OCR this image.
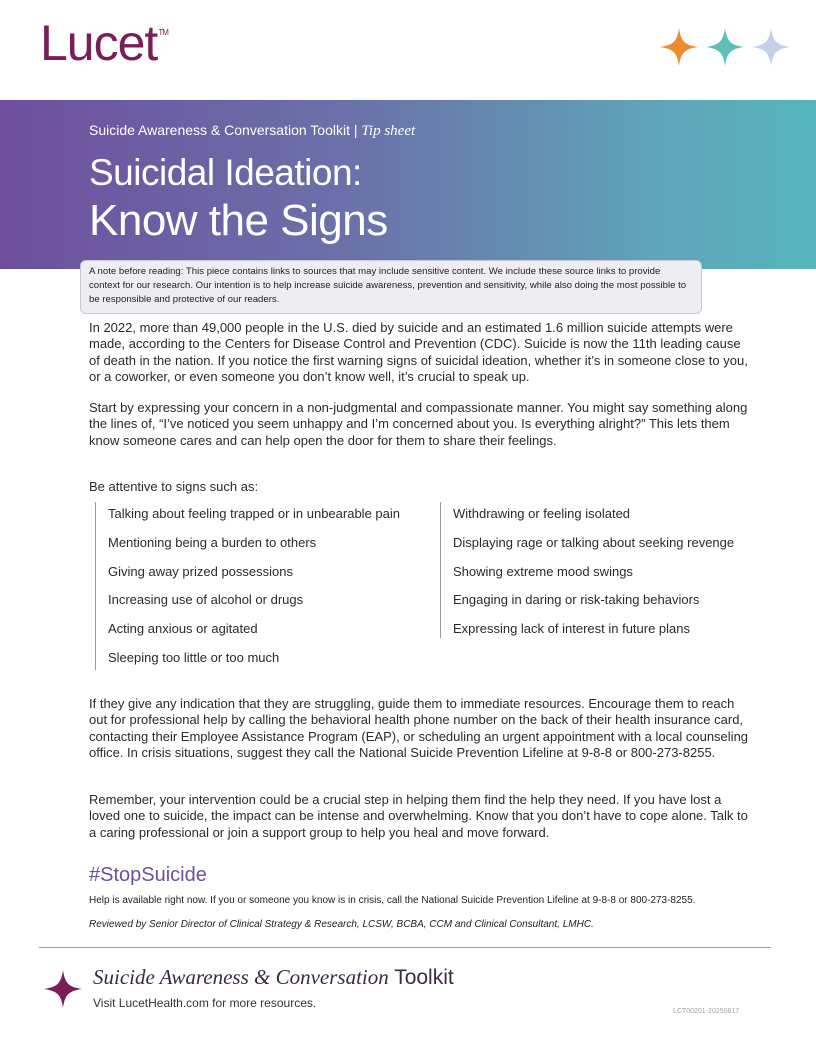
Lucet™
Suicide Awareness & Conversation Toolkit | Tip sheet
Suicidal Ideation:
Know the Signs
A note before reading: This piece contains links to sources that may include sensitive content. We include these source links to provide context for our research. Our intention is to help increase suicide awareness, prevention and sensitivity, while also doing the most possible to be responsible and protective of our readers.

In 2022, more than 49,000 people in the U.S. died by suicide and an estimated 1.6 million suicide attempts were made, according to the Centers for Disease Control and Prevention (CDC). Suicide is now the 11th leading cause of death in the nation. If you notice the first warning signs of suicidal ideation, whether it’s in someone close to you, or a coworker, or even someone you don’t know well, it’s crucial to speak up.

Start by expressing your concern in a non-judgmental and compassionate manner. You might say something along the lines of, “I’ve noticed you seem unhappy and I’m concerned about you. Is everything alright?” This lets them know someone cares and can help open the door for them to share their feelings.

Be attentive to signs such as:

Talking about feeling trapped or in unbearable pain
Mentioning being a burden to others
Giving away prized possessions
Increasing use of alcohol or drugs
Acting anxious or agitated
Sleeping too little or too much
Withdrawing or feeling isolated
Displaying rage or talking about seeking revenge
Showing extreme mood swings
Engaging in daring or risk-taking behaviors
Expressing lack of interest in future plans

If they give any indication that they are struggling, guide them to immediate resources. Encourage them to reach out for professional help by calling the behavioral health phone number on the back of their health insurance card, contacting their Employee Assistance Program (EAP), or scheduling an urgent appointment with a local counseling office. In crisis situations, suggest they call the National Suicide Prevention Lifeline at 9-8-8 or 800-273-8255.

Remember, your intervention could be a crucial step in helping them find the help they need. If you have lost a loved one to suicide, the impact can be intense and overwhelming. Know that you don’t have to cope alone. Talk to a caring professional or join a support group to help you heal and move forward.

#StopSuicide

Help is available right now. If you or someone you know is in crisis, call the National Suicide Prevention Lifeline at 9-8-8 or 800-273-8255.

Reviewed by Senior Director of Clinical Strategy & Research, LCSW, BCBA, CCM and Clinical Consultant, LMHC.

Suicide Awareness & Conversation Toolkit

Visit LucetHealth.com for more resources.

LCT00201-20250617
